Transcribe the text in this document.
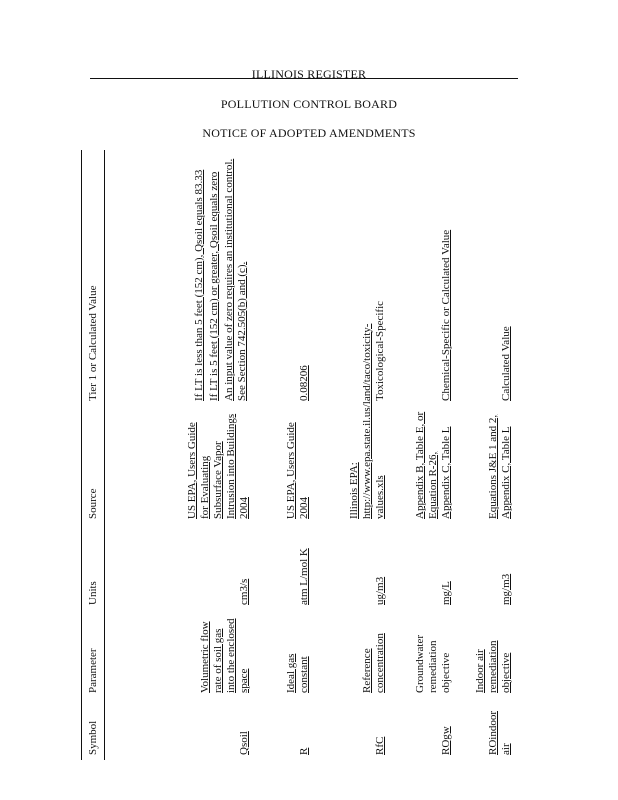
ILLINOIS REGISTER
POLLUTION CONTROL BOARD
NOTICE OF ADOPTED AMENDMENTS
Symbol	Parameter	Units	Source	Tier 1 or Calculated Value
Qsoil	Volumetric flow rate of soil gas into the enclosed space	cm3/s	US EPA, Users Guide for Evaluating Subsurface Vapor Intrusion into Buildings 2004	If LT is less than 5 feet (152 cm), Qsoil equals 83.33 If LT is 5 feet (152 cm) or greater, Qsoil equals zero An input value of zero requires an institutional control. See Section 742.505(b) and (c).

R	Ideal gas constant	atm L/mol K	US EPA, Users Guide 2004	0.08206
RfC	Reference concentration	ug/m3	Illinois EPA: http://www.epa.state.il.us/land/taco/toxicity-values.xls	Toxicological-Specific
ROgw	Groundwater remediation objective	mg/L	Appendix B, Table E, or Equation R-26, Appendix C, Table L	Chemical-Specific or Calculated Value
ROindoor air	Indoor air remediation objective	mg/m3	Equations J&E 1 and 2, Appendix C, Table L	Calculated Value
